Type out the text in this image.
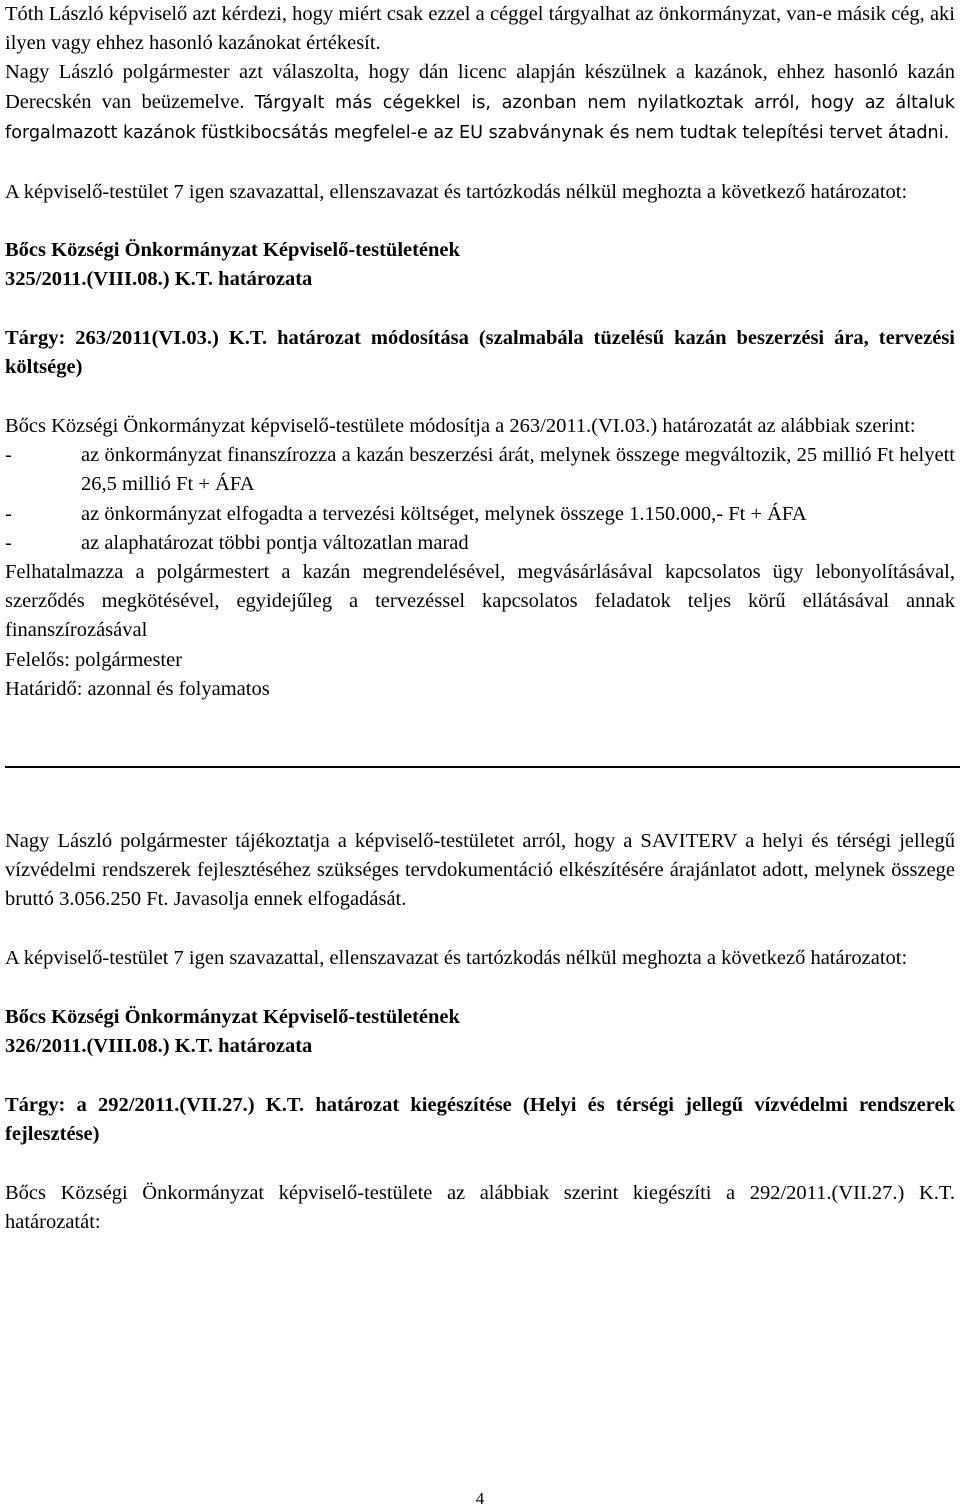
Tóth László képviselő azt kérdezi, hogy miért csak ezzel a céggel tárgyalhat az önkormányzat, van-e másik cég, aki ilyen vagy ehhez hasonló kazánokat értékesít.

Nagy László polgármester azt válaszolta, hogy dán licenc alapján készülnek a kazánok, ehhez hasonló kazán Derecskén van beüzemelve. Tárgyalt más cégekkel is, azonban nem nyilatkoztak arról, hogy az általuk forgalmazott kazánok füstkibocsátás megfelel-e az EU szabványnak és nem tudtak telepítési tervet átadni.

A képviselő-testület 7 igen szavazattal, ellenszavazat és tartózkodás nélkül meghozta a következő határozatot:

Bőcs Községi Önkormányzat Képviselő-testületének

325/2011.(VIII.08.) K.T. határozata

Tárgy: 263/2011(VI.03.) K.T. határozat módosítása (szalmabála tüzelésű kazán beszerzési ára, tervezési költsége)

Bőcs Községi Önkormányzat képviselő-testülete módosítja a 263/2011.(VI.03.) határozatát az alábbiak szerint:

-	az önkormányzat finanszírozza a kazán beszerzési árát, melynek összege megváltozik, 25 millió Ft helyett 26,5 millió Ft + ÁFA
-	az önkormányzat elfogadta a tervezési költséget, melynek összege 1.150.000,- Ft + ÁFA
-	az alaphatározat többi pontja változatlan marad

Felhatalmazza a polgármestert a kazán megrendelésével, megvásárlásával kapcsolatos ügy lebonyolításával, szerződés megkötésével, egyidejűleg a tervezéssel kapcsolatos feladatok teljes körű ellátásával annak finanszírozásával

Felelős: polgármester

Határidő: azonnal és folyamatos

Nagy László polgármester tájékoztatja a képviselő-testületet arról, hogy a SAVITERV a helyi és térségi jellegű vízvédelmi rendszerek fejlesztéséhez szükséges tervdokumentáció elkészítésére árajánlatot adott, melynek összege bruttó 3.056.250 Ft. Javasolja ennek elfogadását.

A képviselő-testület 7 igen szavazattal, ellenszavazat és tartózkodás nélkül meghozta a következő határozatot:

Bőcs Községi Önkormányzat Képviselő-testületének

326/2011.(VIII.08.) K.T. határozata

Tárgy: a 292/2011.(VII.27.) K.T. határozat kiegészítése (Helyi és térségi jellegű vízvédelmi rendszerek fejlesztése)

Bőcs Községi Önkormányzat képviselő-testülete az alábbiak szerint kiegészíti a 292/2011.(VII.27.) K.T. határozatát:

4
